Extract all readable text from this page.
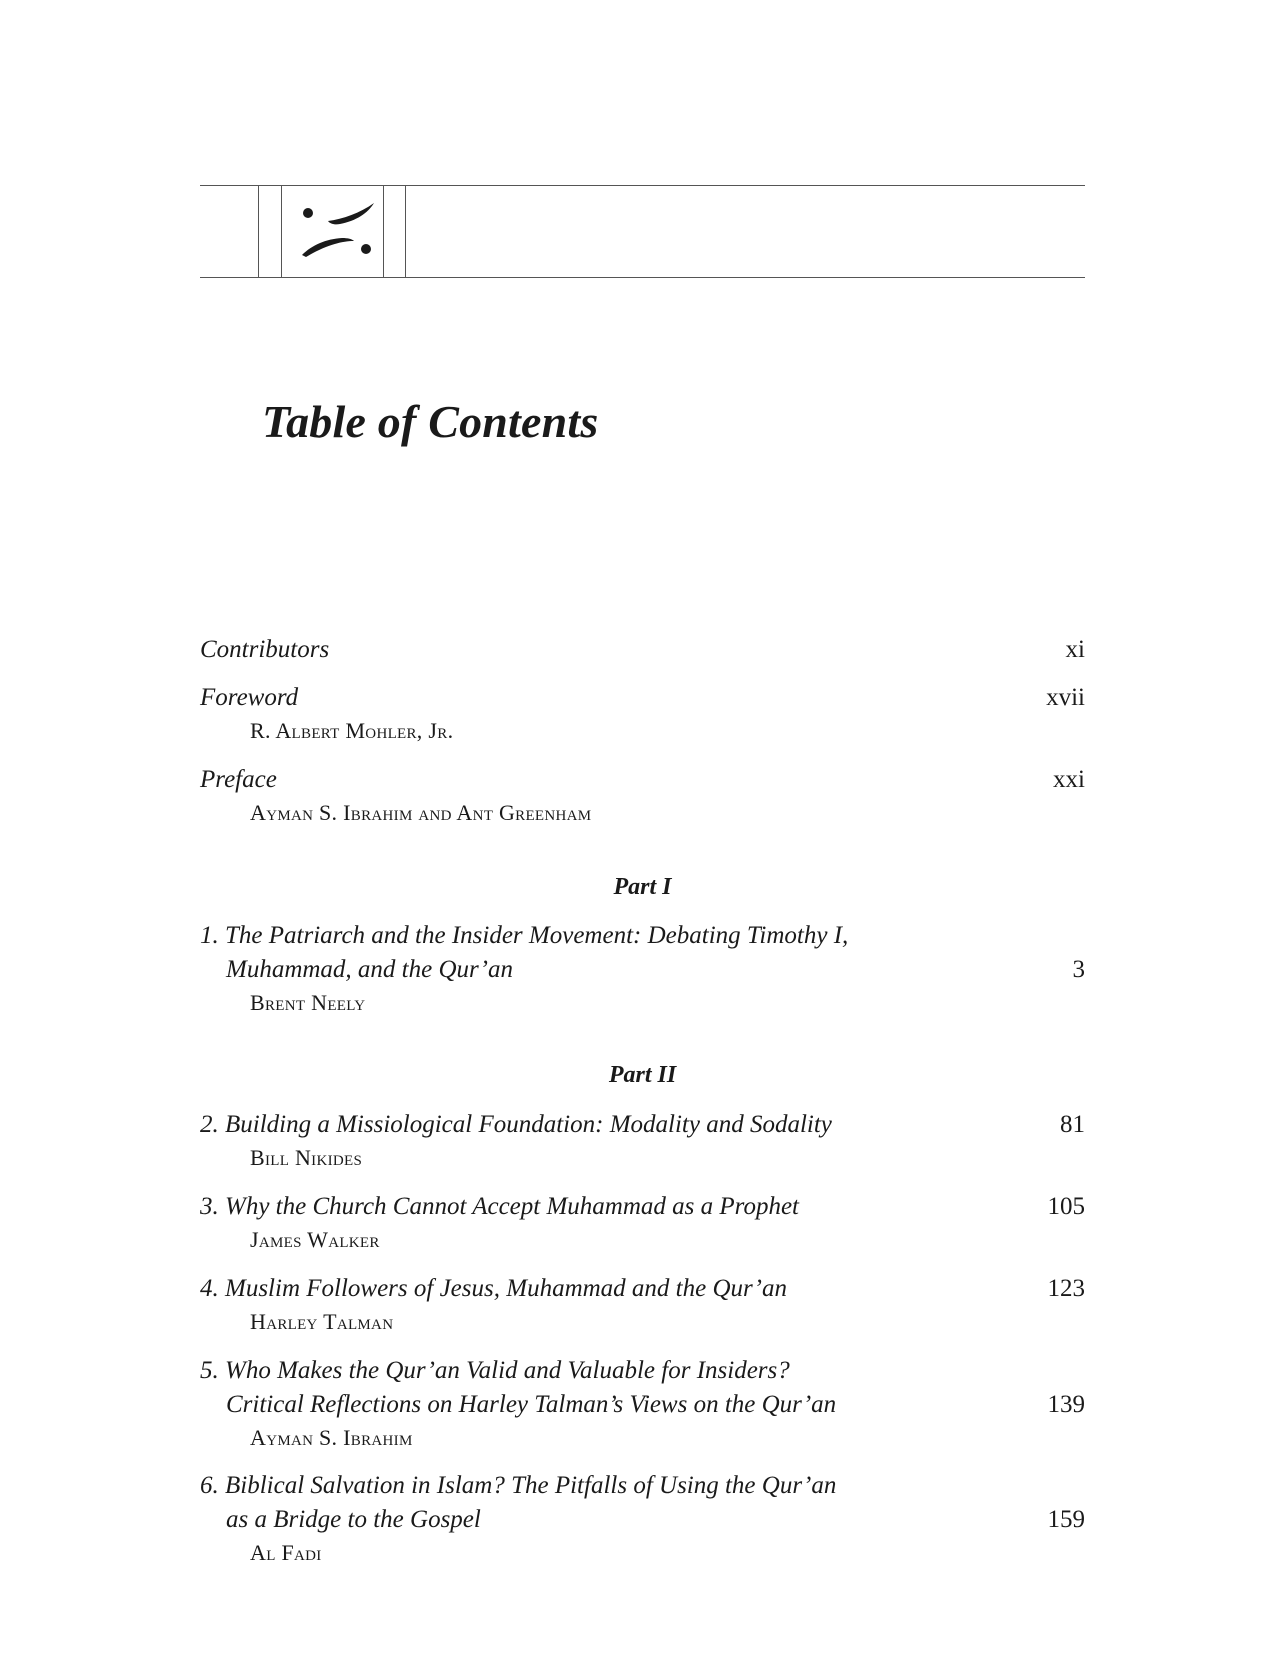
Table of Contents
Contributors	xi
Foreword
R. Albert Mohler, Jr.
xvii
Preface
Ayman S. Ibrahim and Ant Greenham
xxi
Part I
1. The Patriarch and the Insider Movement: Debating Timothy I,
Muhammad, and the Qur’an
Brent Neely
3
Part II
2. Building a Missiological Foundation: Modality and Sodality
Bill Nikides
81
3. Why the Church Cannot Accept Muhammad as a Prophet
James Walker
105
4. Muslim Followers of Jesus, Muhammad and the Qur’an
Harley Talman
123
5. Who Makes the Qur’an Valid and Valuable for Insiders?
Critical Reflections on Harley Talman’s Views on the Qur’an
Ayman S. Ibrahim
139
6. Biblical Salvation in Islam? The Pitfalls of Using the Qur’an
as a Bridge to the Gospel
Al Fadi
159
